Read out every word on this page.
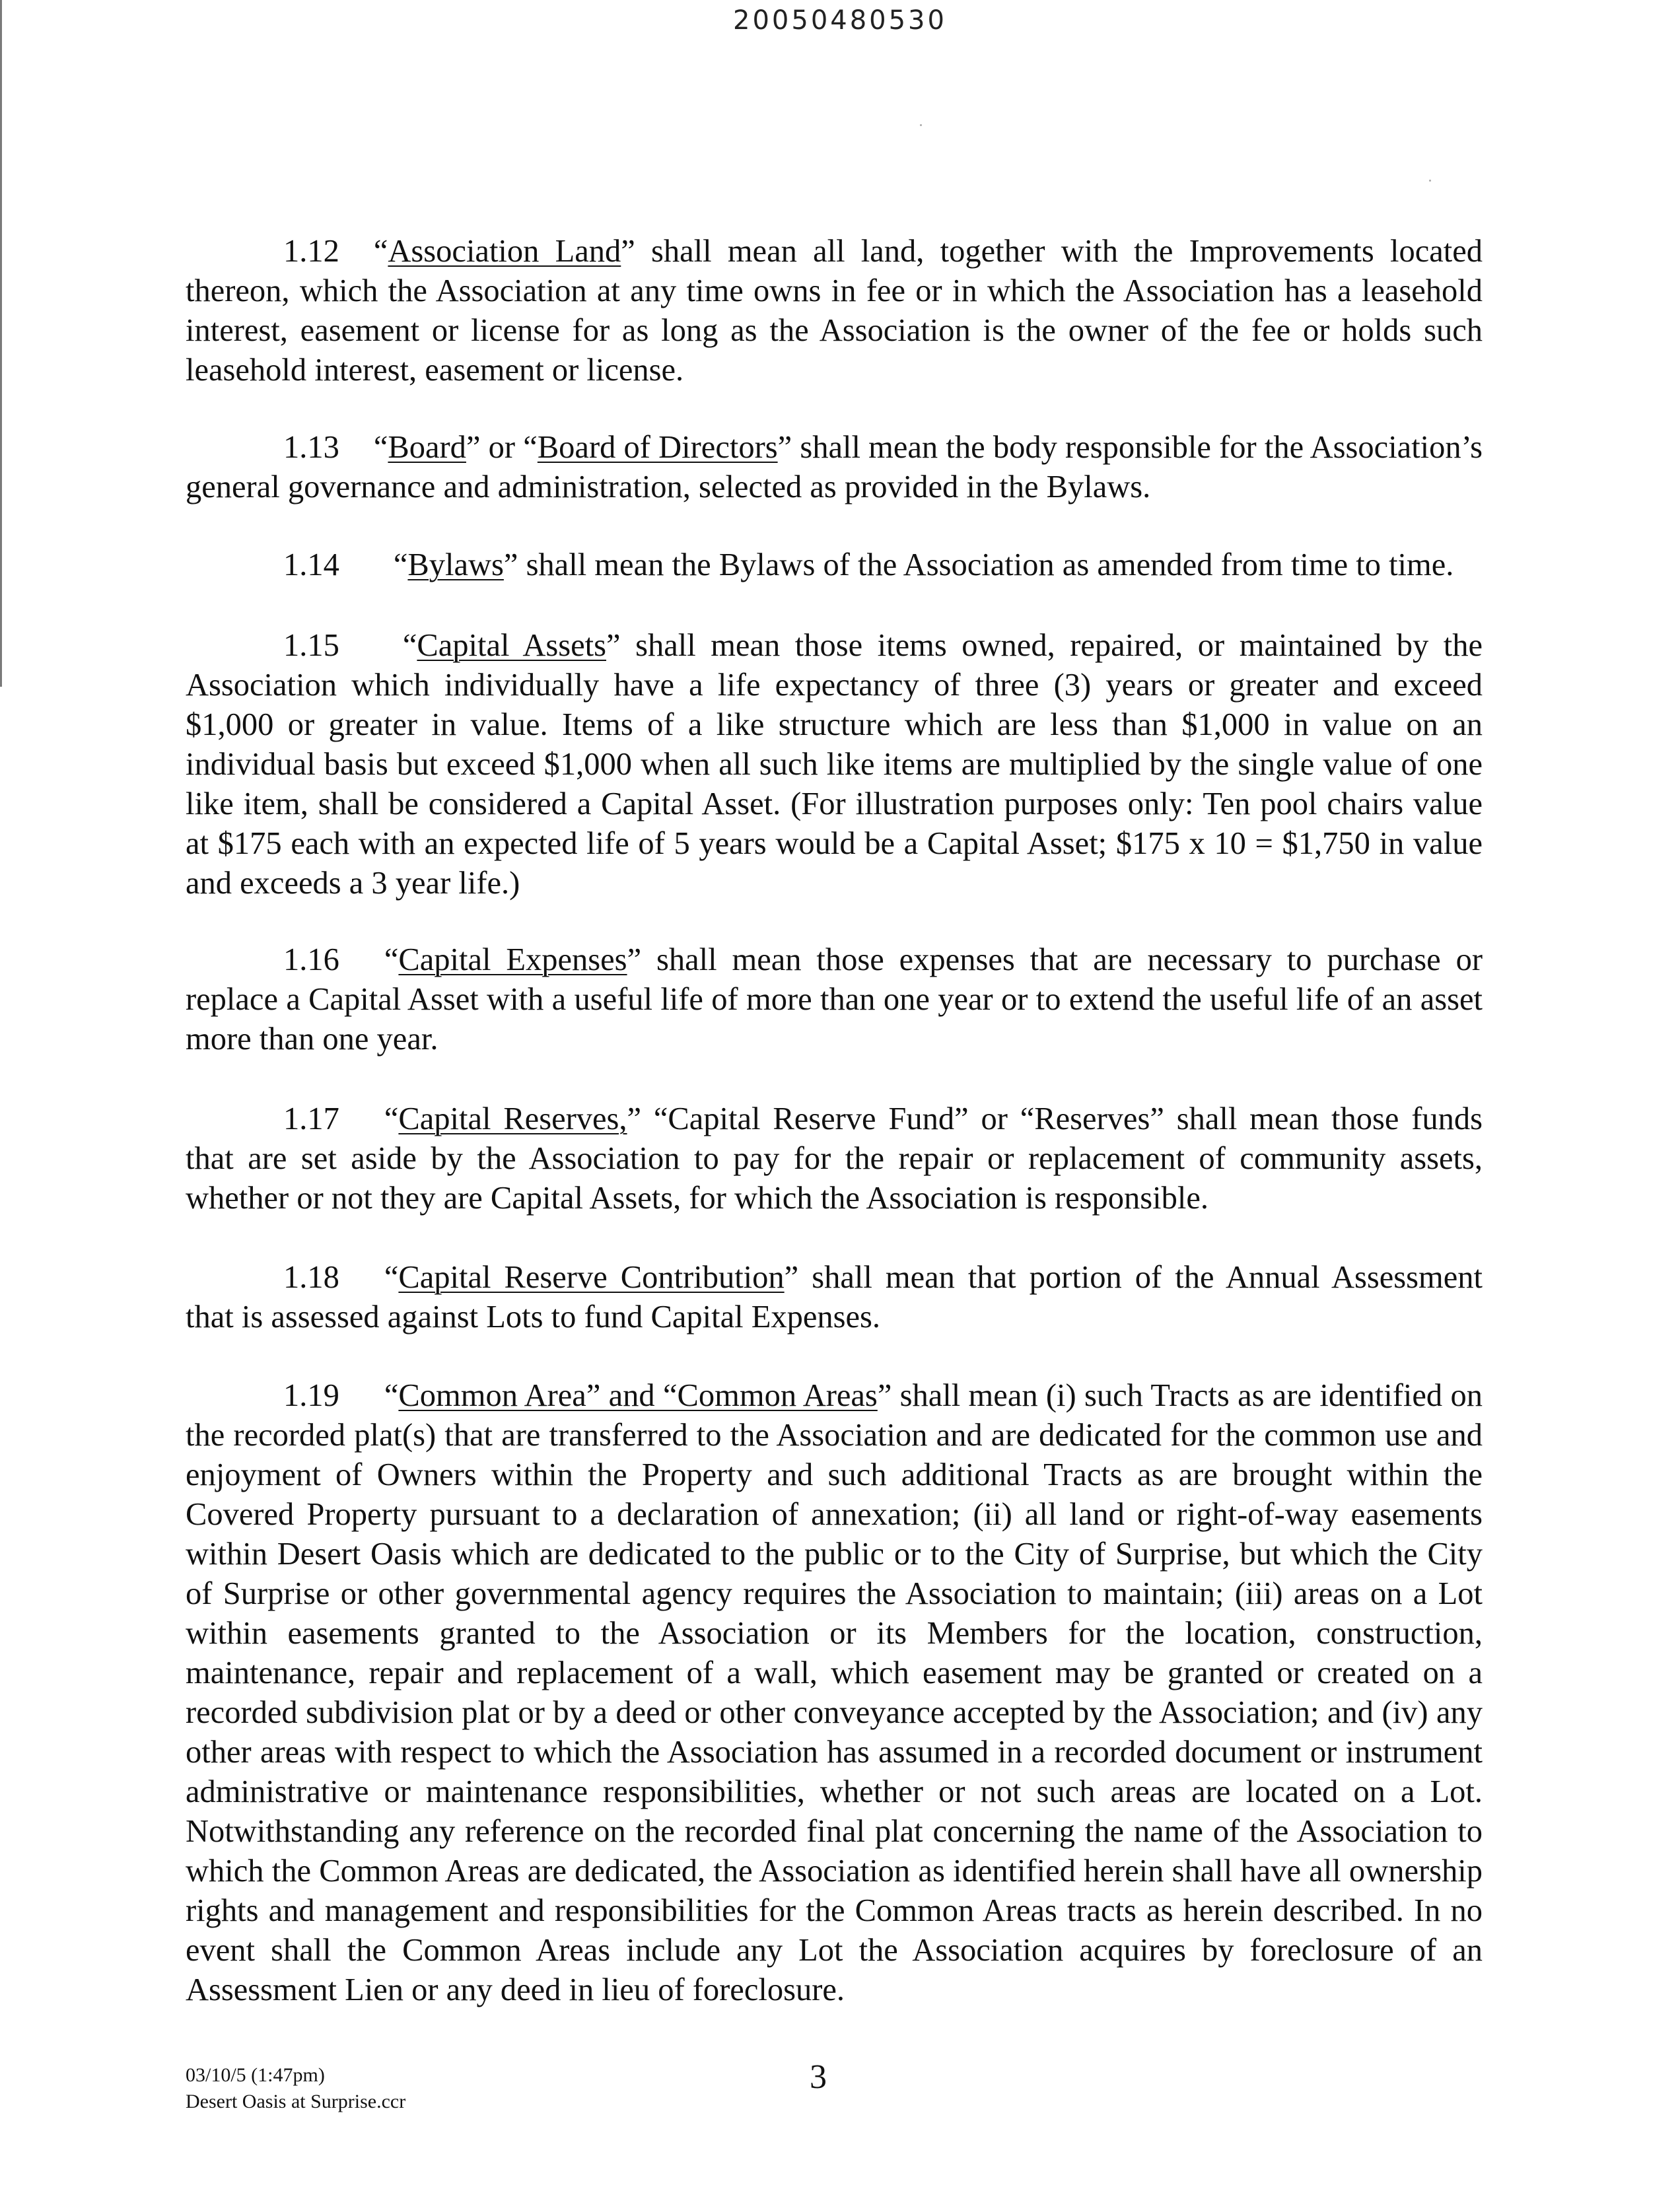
20050480530

1.12 “Association Land” shall mean all land, together with the Improvements located thereon, which the Association at any time owns in fee or in which the Association has a leasehold interest, easement or license for as long as the Association is the owner of the fee or holds such leasehold interest, easement or license.

1.13 “Board” or “Board of Directors” shall mean the body responsible for the Association’s general governance and administration, selected as provided in the Bylaws.

1.14 “Bylaws” shall mean the Bylaws of the Association as amended from time to time.

1.15 “Capital Assets” shall mean those items owned, repaired, or maintained by the Association which individually have a life expectancy of three (3) years or greater and exceed $1,000 or greater in value. Items of a like structure which are less than $1,000 in value on an individual basis but exceed $1,000 when all such like items are multiplied by the single value of one like item, shall be considered a Capital Asset. (For illustration purposes only: Ten pool chairs value at $175 each with an expected life of 5 years would be a Capital Asset; $175 x 10 = $1,750 in value and exceeds a 3 year life.)

1.16 “Capital Expenses” shall mean those expenses that are necessary to purchase or replace a Capital Asset with a useful life of more than one year or to extend the useful life of an asset more than one year.

1.17 “Capital Reserves,” “Capital Reserve Fund” or “Reserves” shall mean those funds that are set aside by the Association to pay for the repair or replacement of community assets, whether or not they are Capital Assets, for which the Association is responsible.

1.18 “Capital Reserve Contribution” shall mean that portion of the Annual Assessment that is assessed against Lots to fund Capital Expenses.

1.19 “Common Area” and “Common Areas” shall mean (i) such Tracts as are identified on the recorded plat(s) that are transferred to the Association and are dedicated for the common use and enjoyment of Owners within the Property and such additional Tracts as are brought within the Covered Property pursuant to a declaration of annexation; (ii) all land or right-of-way easements within Desert Oasis which are dedicated to the public or to the City of Surprise, but which the City of Surprise or other governmental agency requires the Association to maintain; (iii) areas on a Lot within easements granted to the Association or its Members for the location, construction, maintenance, repair and replacement of a wall, which easement may be granted or created on a recorded subdivision plat or by a deed or other conveyance accepted by the Association; and (iv) any other areas with respect to which the Association has assumed in a recorded document or instrument administrative or maintenance responsibilities, whether or not such areas are located on a Lot. Notwithstanding any reference on the recorded final plat concerning the name of the Association to which the Common Areas are dedicated, the Association as identified herein shall have all ownership rights and management and responsibilities for the Common Areas tracts as herein described. In no event shall the Common Areas include any Lot the Association acquires by foreclosure of an Assessment Lien or any deed in lieu of foreclosure.

03/10/5 (1:47pm)
Desert Oasis at Surprise.ccr
3
